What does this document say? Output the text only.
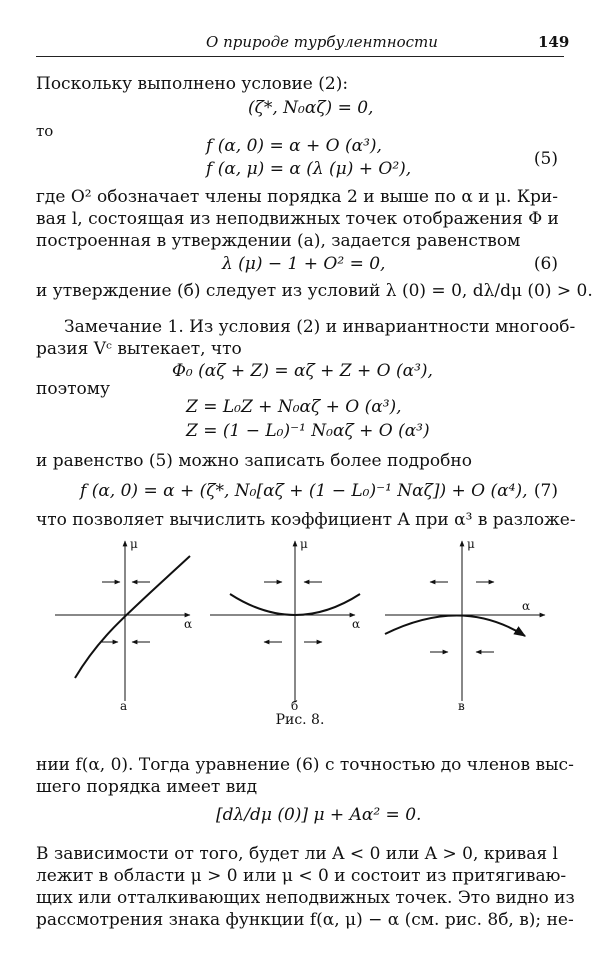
О природе турбулентности	149
Поскольку выполнено условие (2):
(ζ*, N₀αζ) = 0,
то
f (α, 0) = α + O (α³),
f (α, μ) = α (λ (μ) + O²),	(5)
где O² обозначает члены порядка 2 и выше по α и μ. Кри-
вая l, состоящая из неподвижных точек отображения Φ и
построенная в утверждении (а), задается равенством
λ (μ) − 1 + O² = 0,	(6)
и утверждение (б) следует из условий λ (0) = 0, dλ/dμ (0) > 0.
Замечание 1. Из условия (2) и инвариантности многооб-
разия Vᶜ вытекает, что
Φ₀ (αζ + Z) = αζ + Z + O (α³),
поэтому
Z = L₀Z + N₀αζ + O (α³),
Z = (1 − L₀)⁻¹ N₀αζ + O (α³)
и равенство (5) можно записать более подробно
f (α, 0) = α + (ζ*, N₀[αζ + (1 − L₀)⁻¹ Nαζ]) + O (α⁴), (7)
что позволяет вычислить коэффициент A при α³ в разложе-
μ
α
а
μ
α
б
μ
α
в
Рис. 8.
нии f(α, 0). Тогда уравнение (6) с точностью до членов выс-
шего порядка имеет вид
[dλ/dμ (0)] μ + Aα² = 0.
В зависимости от того, будет ли A < 0 или A > 0, кривая l
лежит в области μ > 0 или μ < 0 и состоит из притягиваю-
щих или отталкивающих неподвижных точек. Это видно из
рассмотрения знака функции f(α, μ) − α (см. рис. 8б, в); не-
